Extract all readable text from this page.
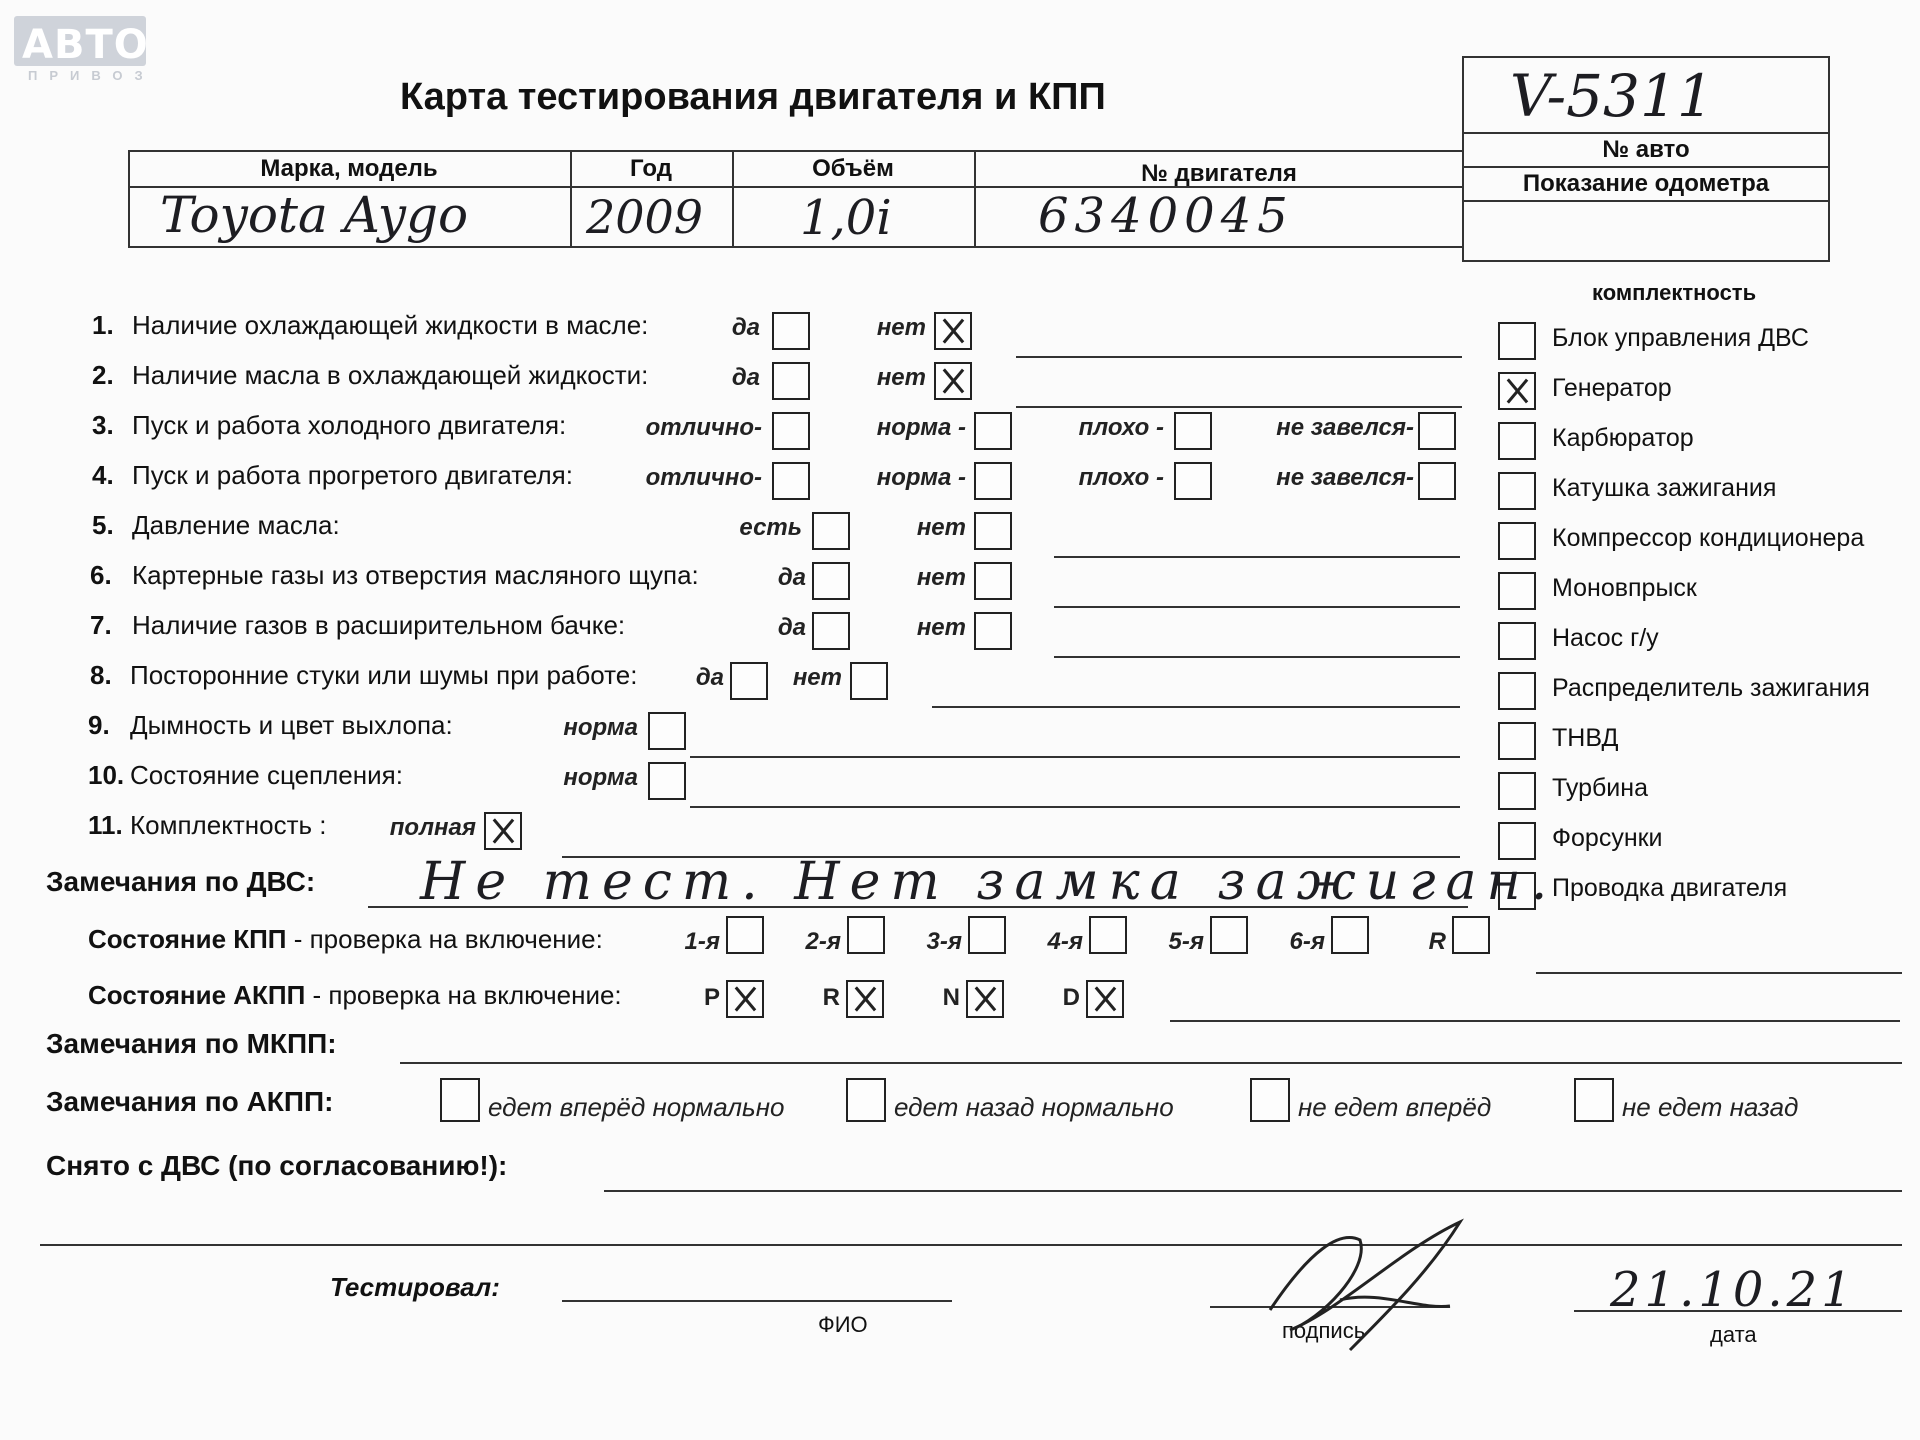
АВТО
ПРИВОЗ
Карта тестирования двигателя и КПП	V-5311
№ авто
Показание одометра
Марка, модель	Год	Объём	№ двигателя
Toyota Aygo	2009 1,0i	6340045
1. Наличие охлаждающей жидкости в масле:	да	нет
2. Наличие масла в охлаждающей жидкости:	да	нет
3. Пуск и работа холодного двигателя:	отлично-	норма -	плохо -	не завелся-
4. Пуск и работа прогретого двигателя:	отлично-	норма -	плохо -	не завелся-
5. Давление масла:	есть	нет
6. Картерные газы из отверстия масляного щупа:	да	нет
7. Наличие газов в расширительном бачке:	да	нет
8. Посторонние стуки или шумы при работе:	да	нет
9. Дымность и цвет выхлопа:	норма
10. Состояние сцепления:	норма
11. Комплектность :	полная
комплектность
Блок управления ДВС
Генератор
Карбюратор
Катушка зажигания
Компрессор кондиционера
Моновпрыск
Насос г/у
Распределитель зажигания
ТНВД
Турбина
Форсунки
Проводка двигателя
Замечания по ДВС: Не тест. Нет замка зажиган.
Состояние КПП - проверка на включение:	1-я	2-я	3-я	4-я	5-я	6-я	R
Состояние АКПП - проверка на включение:	P	R	N	D
Замечания по МКПП:
Замечания по АКПП:	едет вперёд нормально	едет назад нормально	не едет вперёд	не едет назад
Снято с ДВС (по согласованию!):
Тестировал:
ФИО	подпись	дата
21.10.21
